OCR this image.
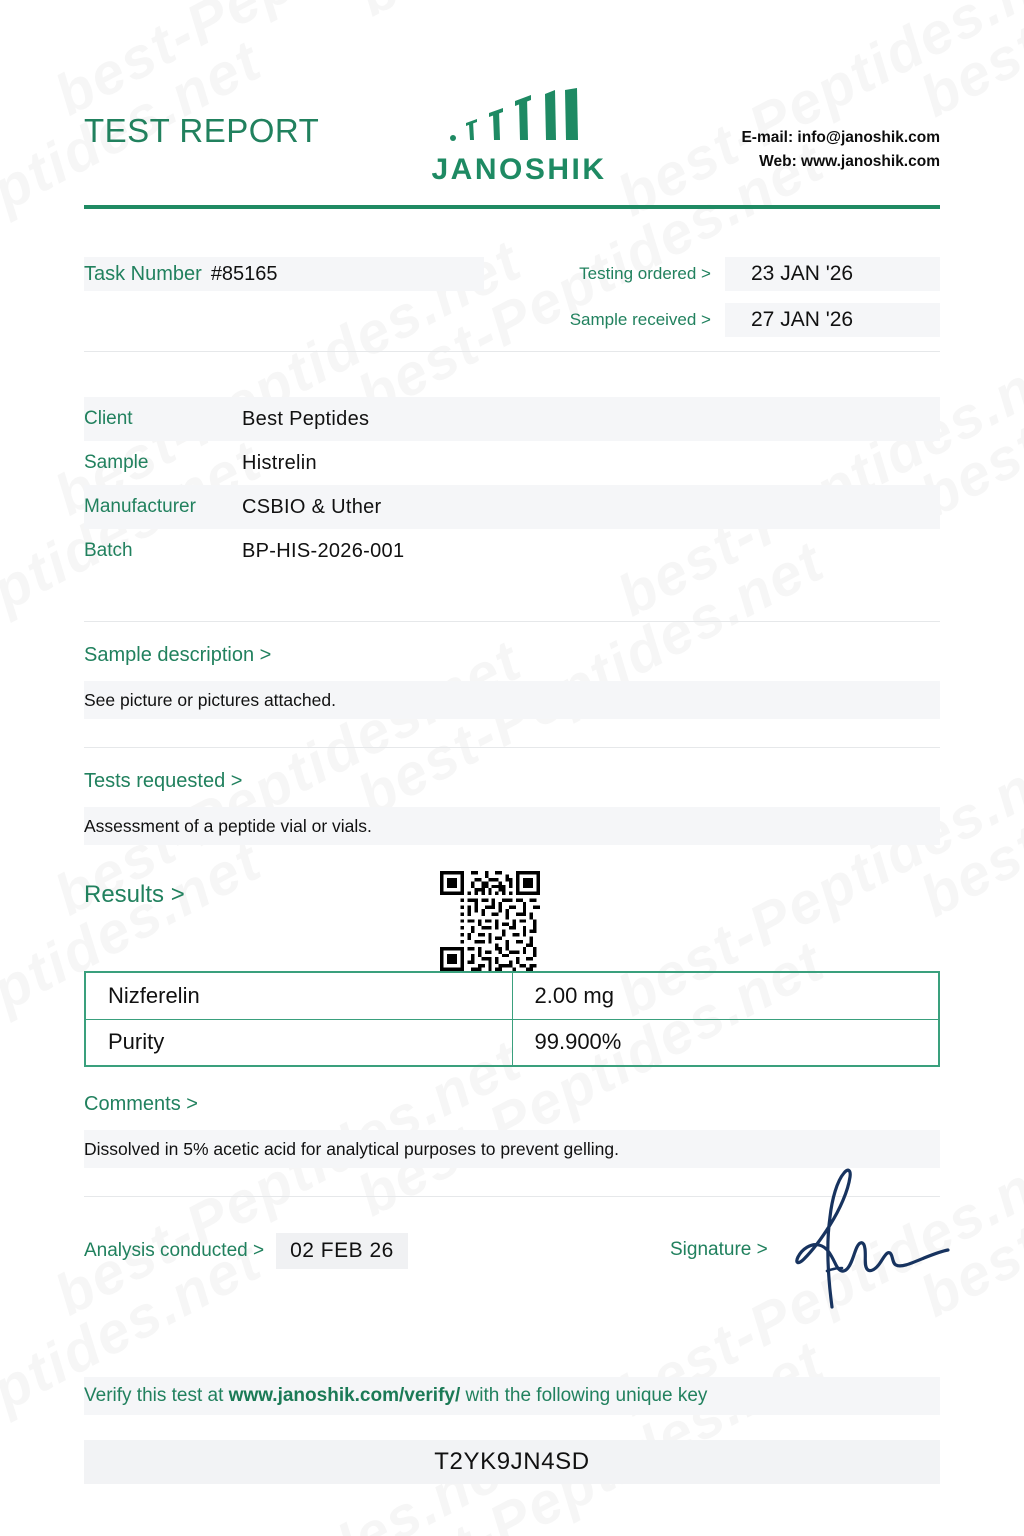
TEST REPORT
JANOSHIK
E-mail: info@janoshik.com
Web: www.janoshik.com
Task Number #85165	Testing ordered >	23 JAN '26
Sample received >	27 JAN '26
Client	Best Peptides
Sample	Histrelin
Manufacturer	CSBIO & Uther
Batch	BP-HIS-2026-001
Sample description >
See picture or pictures attached.
Tests requested >
Assessment of a peptide vial or vials.
Results >
Nizferelin	2.00 mg
Purity	99.900%
Comments >
Dissolved in 5% acetic acid for analytical purposes to prevent gelling.
Analysis conducted >	02 FEB 26	Signature >
Verify this test at www.janoshik.com/verify/ with the following unique key
T2YK9JN4SD
